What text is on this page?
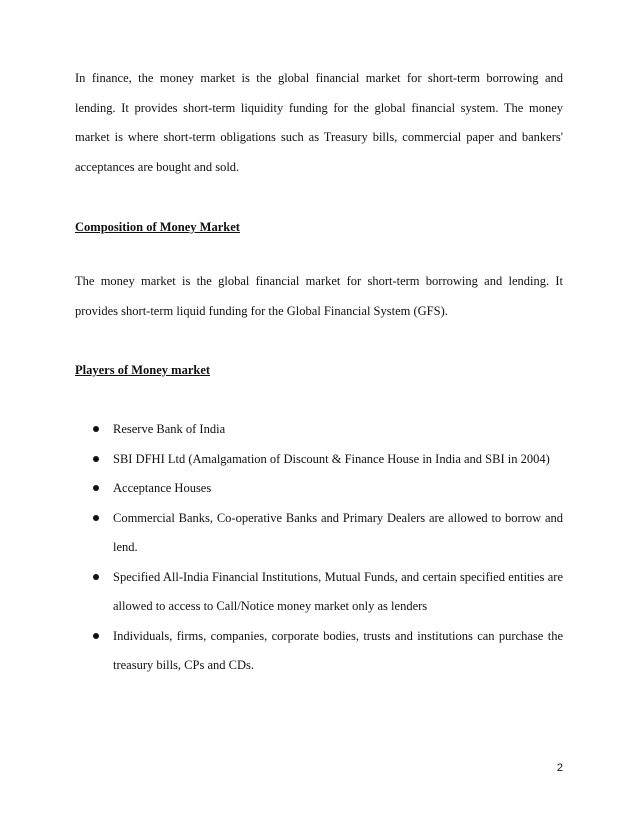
In finance, the money market is the global financial market for short-term borrowing and lending. It provides short-term liquidity funding for the global financial system. The money market is where short-term obligations such as Treasury bills, commercial paper and bankers' acceptances are bought and sold.

Composition of Money Market

The money market is the global financial market for short-term borrowing and lending. It provides short-term liquid funding for the Global Financial System (GFS).

Players of Money market

Reserve Bank of India
SBI DFHI Ltd (Amalgamation of Discount & Finance House in India and SBI in 2004)
Acceptance Houses
Commercial Banks, Co-operative Banks and Primary Dealers are allowed to borrow and lend.
Specified All-India Financial Institutions, Mutual Funds, and certain specified entities are allowed to access to Call/Notice money market only as lenders
Individuals, firms, companies, corporate bodies, trusts and institutions can purchase the treasury bills, CPs and CDs.

2
